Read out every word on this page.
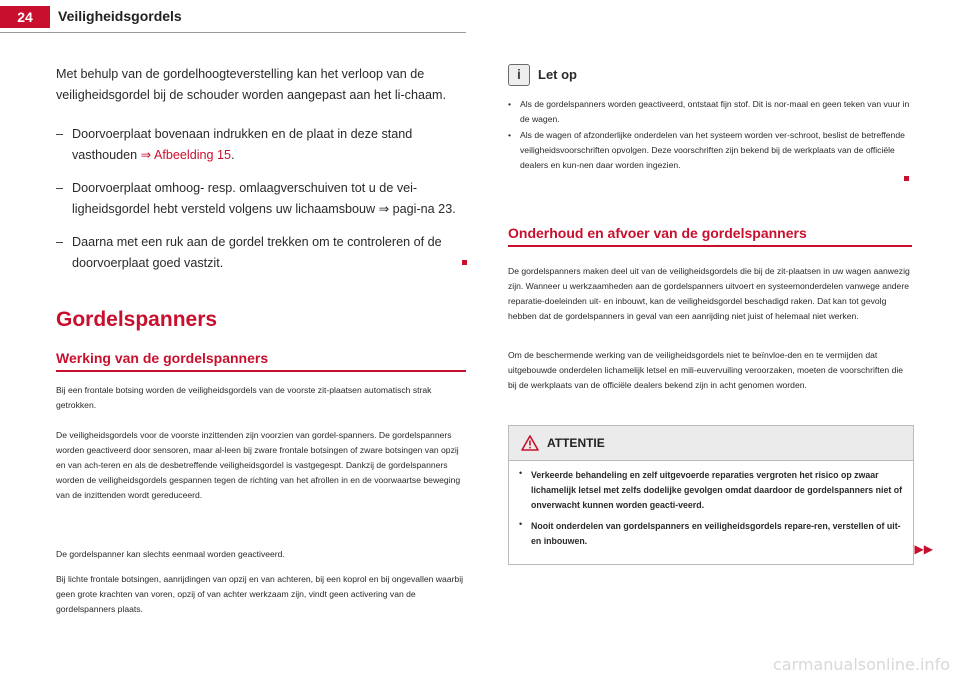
24	Veiligheidsgordels

Met behulp van de gordelhoogteverstelling kan het verloop van de veiligheidsgordel bij de schouder worden aangepast aan het li-chaam.

– Doorvoerplaat bovenaan indrukken en de plaat in deze stand vasthouden ⇒ Afbeelding 15.
– Doorvoerplaat omhoog- resp. omlaagverschuiven tot u de vei-ligheidsgordel hebt versteld volgens uw lichaamsbouw ⇒ pagi-na 23.
– Daarna met een ruk aan de gordel trekken om te controleren of de doorvoerplaat goed vastzit.
Gordelspanners
Werking van de gordelspanners

Bij een frontale botsing worden de veiligheidsgordels van de voorste zit-plaatsen automatisch strak getrokken.

De veiligheidsgordels voor de voorste inzittenden zijn voorzien van gordel-spanners. De gordelspanners worden geactiveerd door sensoren, maar al-leen bij zware frontale botsingen of zware botsingen van opzij en van ach-teren en als de desbetreffende veiligheidsgordel is vastgegespt. Dankzij de gordelspanners worden de veiligheidsgordels gespannen tegen de richting van het afrollen in en de voorwaartse beweging van de inzittenden wordt gereduceerd.

De gordelspanner kan slechts eenmaal worden geactiveerd.

Bij lichte frontale botsingen, aanrijdingen van opzij en van achteren, bij een koprol en bij ongevallen waarbij geen grote krachten van voren, opzij of van achter werkzaam zijn, vindt geen activering van de gordelspanners plaats.

i Let op
• Als de gordelspanners worden geactiveerd, ontstaat fijn stof. Dit is nor-maal en geen teken van vuur in de wagen.
• Als de wagen of afzonderlijke onderdelen van het systeem worden ver-schroot, beslist de betreffende veiligheidsvoorschriften opvolgen. Deze voorschriften zijn bekend bij de werkplaats van de officiële dealers en kun-nen daar worden ingezien.
Onderhoud en afvoer van de gordelspanners

De gordelspanners maken deel uit van de veiligheidsgordels die bij de zit-plaatsen in uw wagen aanwezig zijn. Wanneer u werkzaamheden aan de gordelspanners uitvoert en systeemonderdelen vanwege andere reparatie-doeleinden uit- en inbouwt, kan de veiligheidsgordel beschadigd raken. Dat kan tot gevolg hebben dat de gordelspanners in geval van een aanrijding niet juist of helemaal niet werken.

Om de beschermende werking van de veiligheidsgordels niet te beïnvloe-den en te vermijden dat uitgebouwde onderdelen lichamelijk letsel en mili-euvervuiling veroorzaken, moeten de voorschriften die bij de werkplaats van de officiële dealers bekend zijn in acht genomen worden.

ATTENTIE
• Verkeerde behandeling en zelf uitgevoerde reparaties vergroten het risico op zwaar lichamelijk letsel met zelfs dodelijke gevolgen omdat daardoor de gordelspanners niet of onverwacht kunnen worden geacti-veerd.

• Nooit onderdelen van gordelspanners en veiligheidsgordels repare-ren, verstellen of uit- en inbouwen.

▶▶
carmanualsonline.info
